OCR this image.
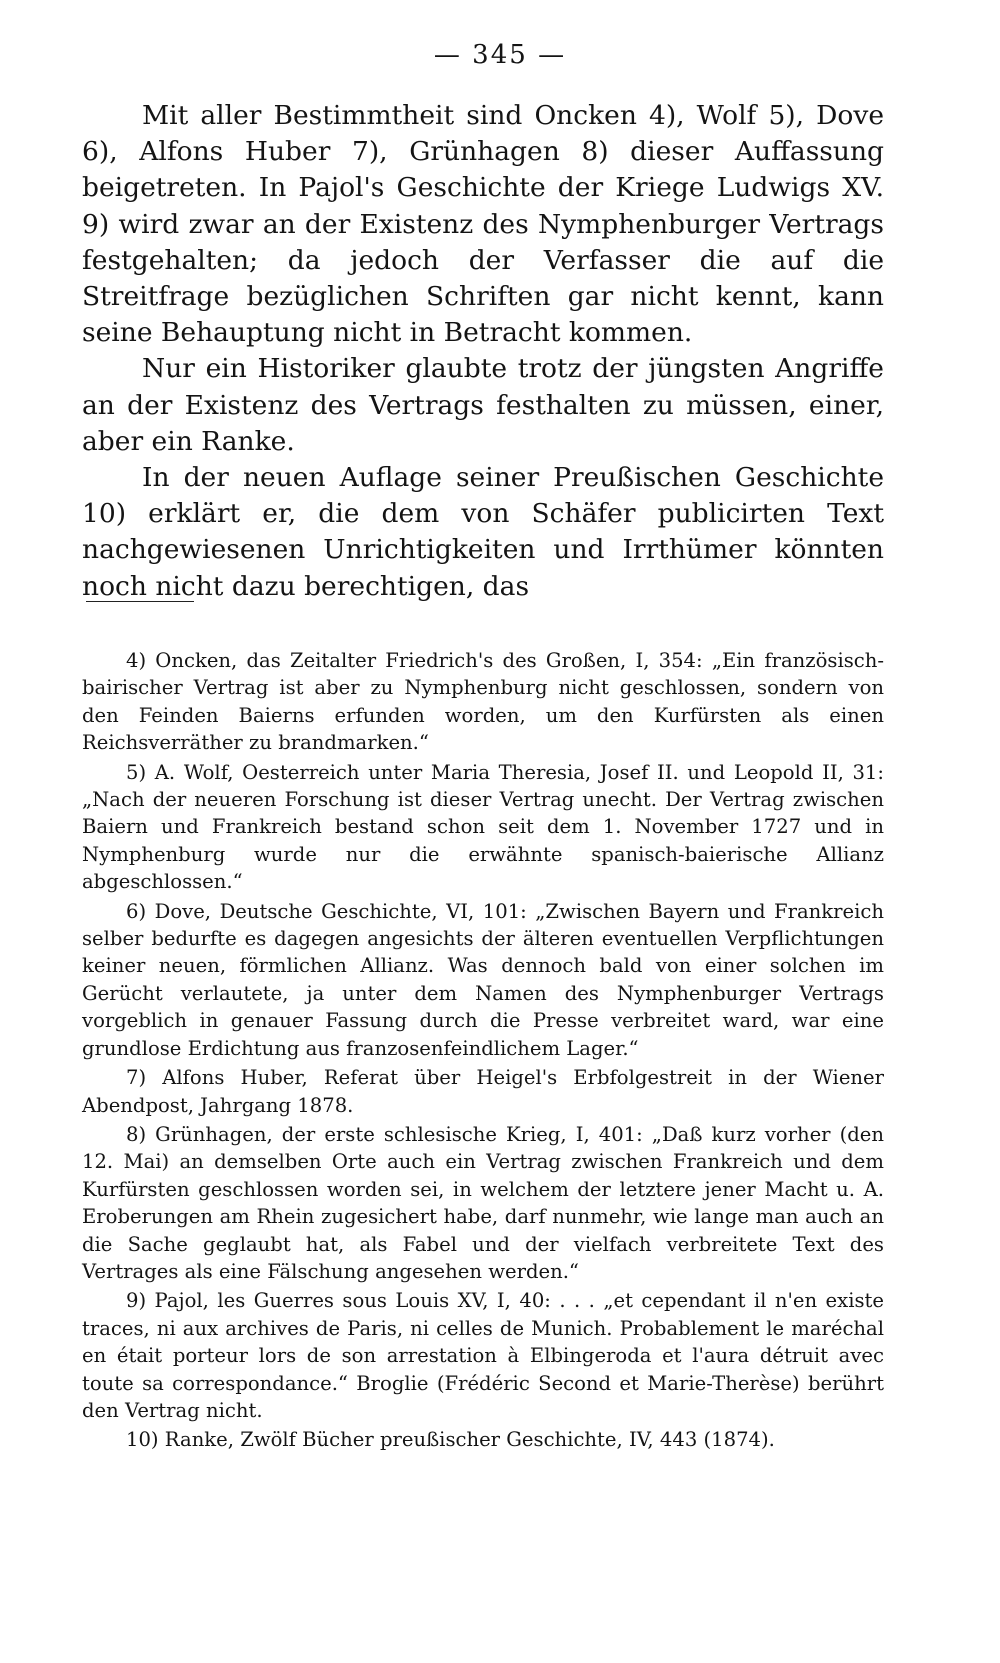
— 345 —

Mit aller Bestimmtheit sind Oncken 4), Wolf 5), Dove 6), Alfons Huber 7), Grünhagen 8) dieser Auffassung beigetreten. In Pajol's Geschichte der Kriege Ludwigs XV. 9) wird zwar an der Existenz des Nymphenburger Vertrags festgehalten; da jedoch der Verfasser die auf die Streitfrage bezüglichen Schriften gar nicht kennt, kann seine Behauptung nicht in Betracht kommen.

Nur ein Historiker glaubte trotz der jüngsten Angriffe an der Existenz des Vertrags festhalten zu müssen, einer, aber ein Ranke.

In der neuen Auflage seiner Preußischen Geschichte 10) erklärt er, die dem von Schäfer publicirten Text nachgewiesenen Unrichtigkeiten und Irrthümer könnten noch nicht dazu berechtigen, das

4) Oncken, das Zeitalter Friedrich's des Großen, I, 354: „Ein französisch-bairischer Vertrag ist aber zu Nymphenburg nicht geschlossen, sondern von den Feinden Baierns erfunden worden, um den Kurfürsten als einen Reichsverräther zu brandmarken.“

5) A. Wolf, Oesterreich unter Maria Theresia, Josef II. und Leopold II, 31: „Nach der neueren Forschung ist dieser Vertrag unecht. Der Vertrag zwischen Baiern und Frankreich bestand schon seit dem 1. November 1727 und in Nymphenburg wurde nur die erwähnte spanisch-baierische Allianz abgeschlossen.“

6) Dove, Deutsche Geschichte, VI, 101: „Zwischen Bayern und Frankreich selber bedurfte es dagegen angesichts der älteren eventuellen Verpflichtungen keiner neuen, förmlichen Allianz. Was dennoch bald von einer solchen im Gerücht verlautete, ja unter dem Namen des Nymphenburger Vertrags vorgeblich in genauer Fassung durch die Presse verbreitet ward, war eine grundlose Erdichtung aus franzosenfeindlichem Lager.“

7) Alfons Huber, Referat über Heigel's Erbfolgestreit in der Wiener Abendpost, Jahrgang 1878.

8) Grünhagen, der erste schlesische Krieg, I, 401: „Daß kurz vorher (den 12. Mai) an demselben Orte auch ein Vertrag zwischen Frankreich und dem Kurfürsten geschlossen worden sei, in welchem der letztere jener Macht u. A. Eroberungen am Rhein zugesichert habe, darf nunmehr, wie lange man auch an die Sache geglaubt hat, als Fabel und der vielfach verbreitete Text des Vertrages als eine Fälschung angesehen werden.“

9) Pajol, les Guerres sous Louis XV, I, 40: . . . „et cependant il n'en existe traces, ni aux archives de Paris, ni celles de Munich. Probablement le maréchal en était porteur lors de son arrestation à Elbingeroda et l'aura détruit avec toute sa correspondance.“ Broglie (Frédéric Second et Marie-Therèse) berührt den Vertrag nicht.

10) Ranke, Zwölf Bücher preußischer Geschichte, IV, 443 (1874).
